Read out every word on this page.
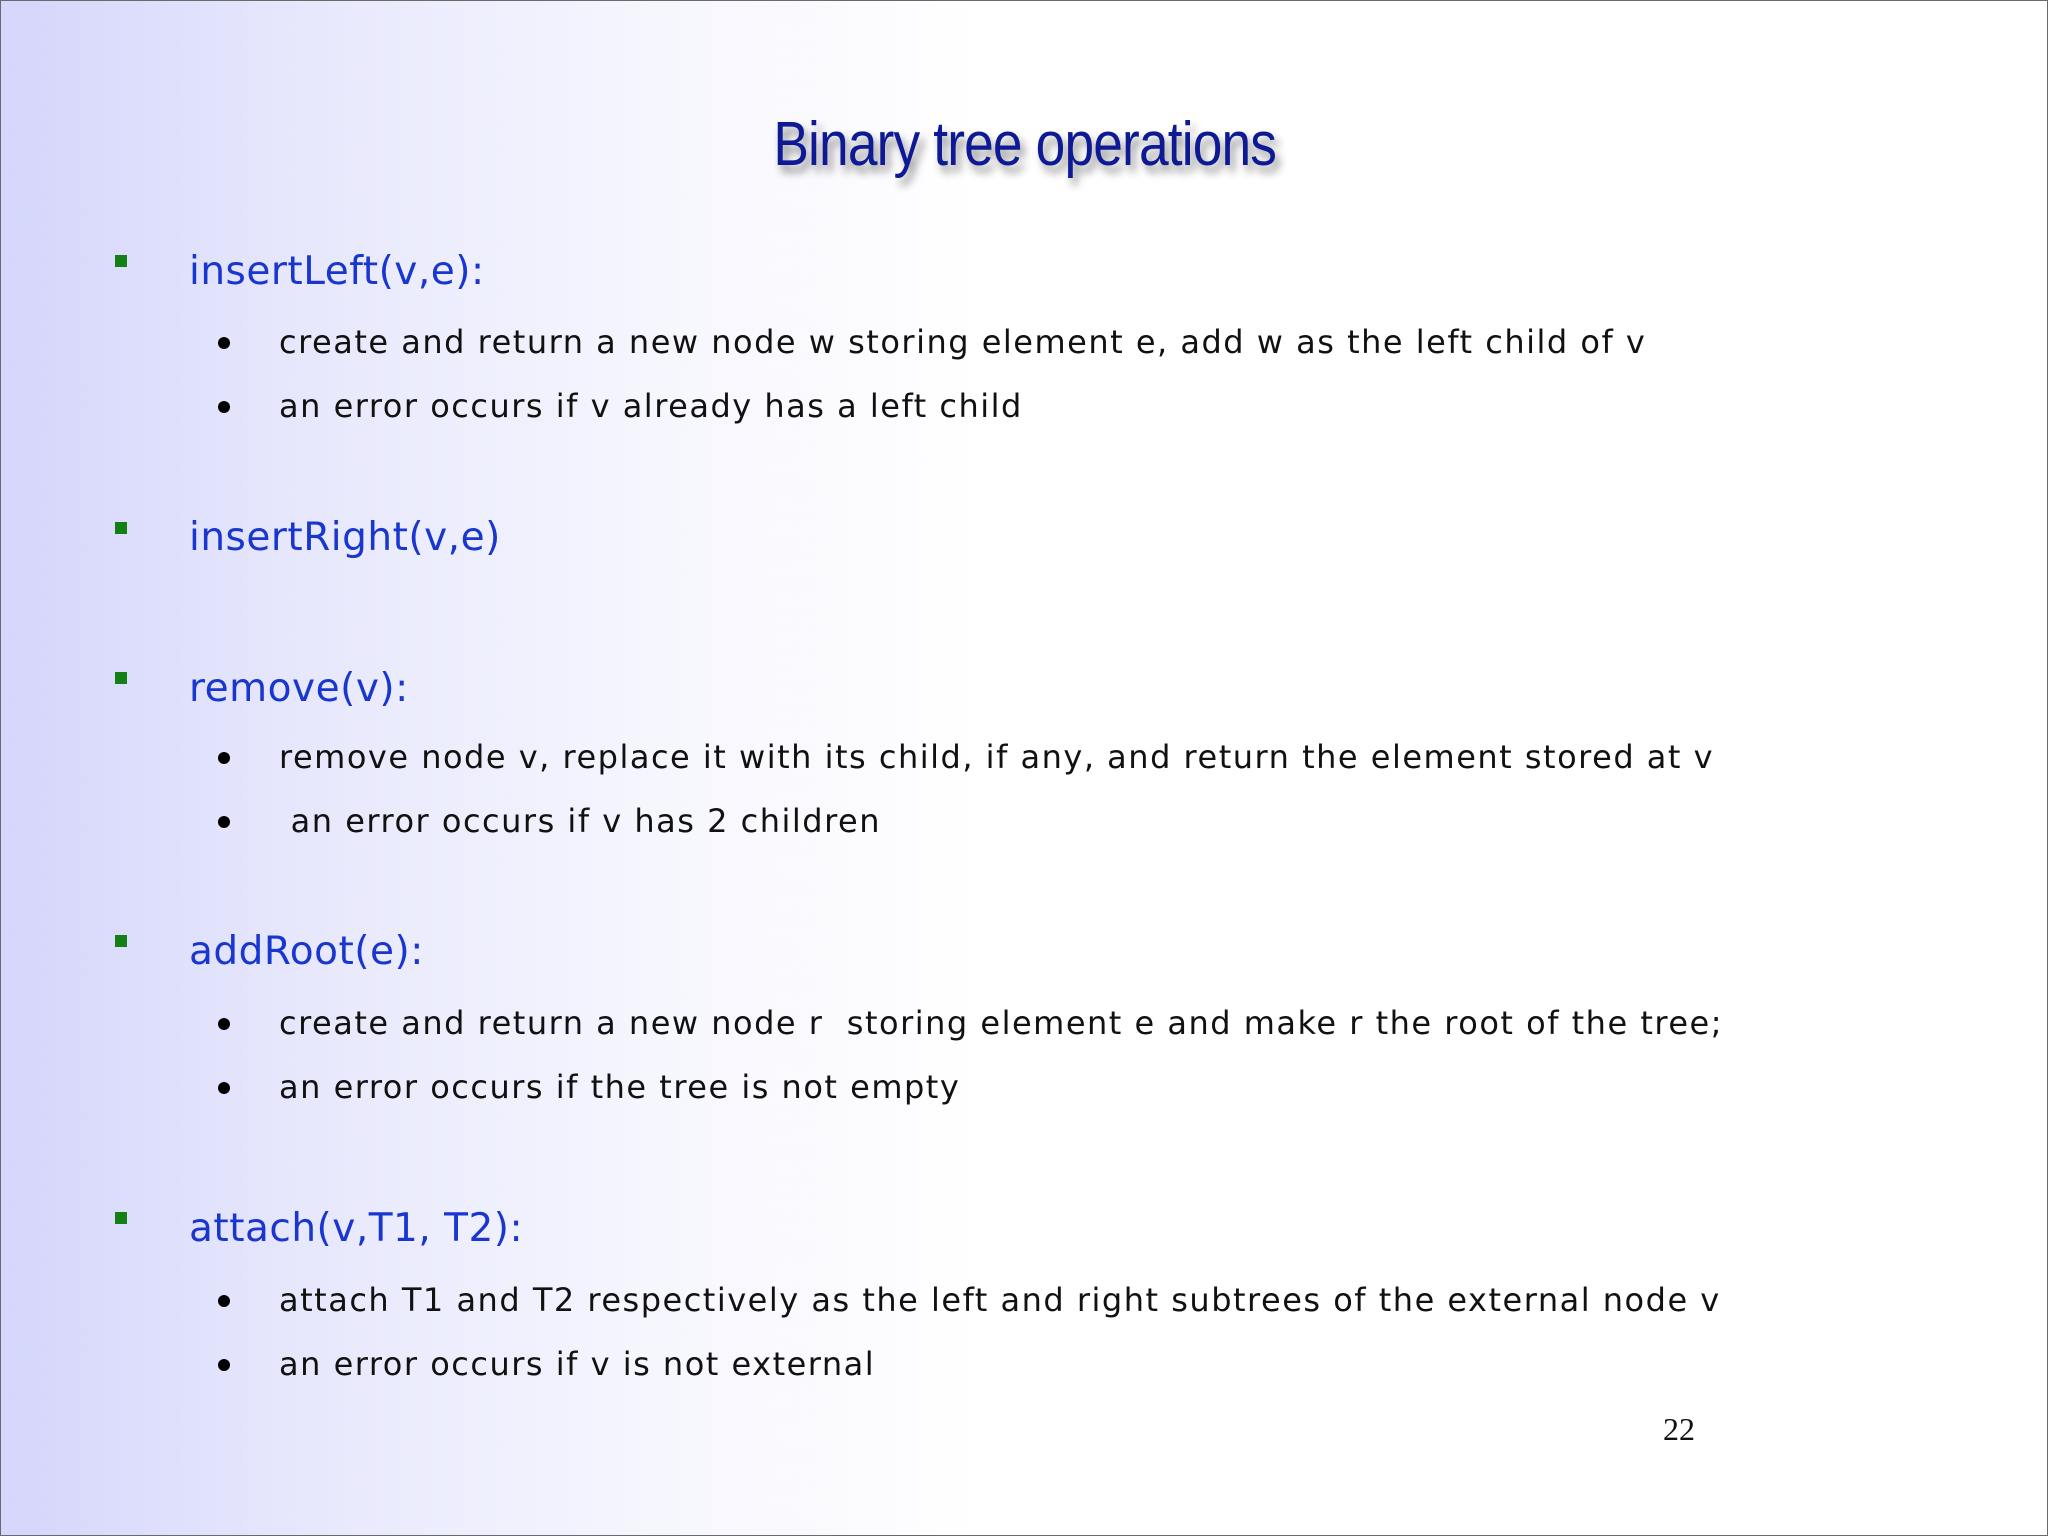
Binary tree operations
insertLeft(v,e):
create and return a new node w storing element e, add w as the left child of v
an error occurs if v already has a left child
insertRight(v,e)
remove(v):
remove node v, replace it with its child, if any, and return the element stored at v
an error occurs if v has 2 children
addRoot(e):
create and return a new node r  storing element e and make r the root of the tree;
an error occurs if the tree is not empty
attach(v,T1, T2):
attach T1 and T2 respectively as the left and right subtrees of the external node v
an error occurs if v is not external
22
